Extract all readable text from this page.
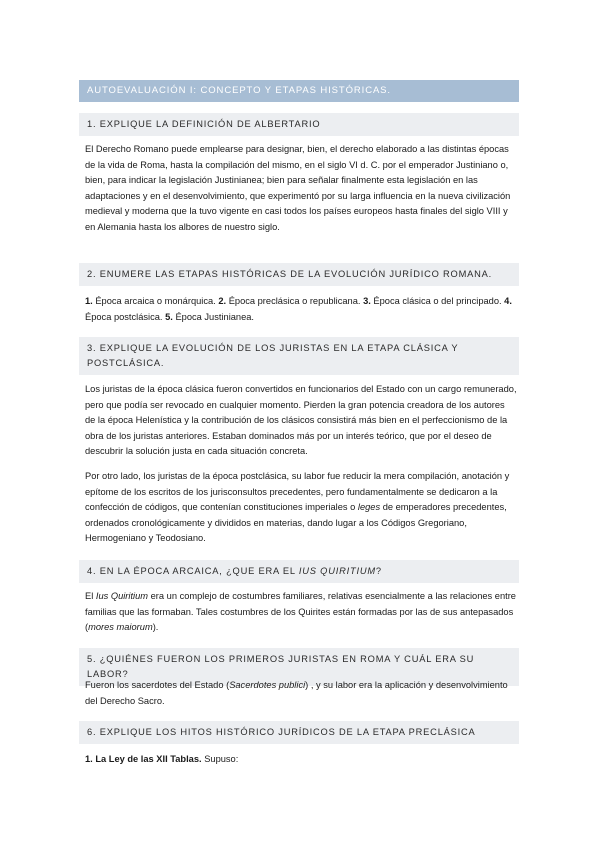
AUTOEVALUACIÓN I: CONCEPTO Y ETAPAS HISTÓRICAS.
1. EXPLIQUE LA DEFINICIÓN DE ALBERTARIO
El Derecho Romano puede emplearse para designar, bien, el derecho elaborado a las distintas épocas de la vida de Roma, hasta la compilación del mismo, en el siglo VI d. C. por el emperador Justiniano o, bien, para indicar la legislación Justinianea; bien para señalar finalmente esta legislación en las adaptaciones y en el desenvolvimiento, que experimentó por su larga influencia en la nueva civilización medieval y moderna que la tuvo vigente en casi todos los países europeos hasta finales del siglo VIII y en Alemania hasta los albores de nuestro siglo.
2. ENUMERE LAS ETAPAS HISTÓRICAS DE LA EVOLUCIÓN JURÍDICO ROMANA.
1. Época arcaica o monárquica. 2. Época preclásica o republicana. 3. Época clásica o del principado. 4. Época postclásica. 5. Época Justinianea.
3. EXPLIQUE LA EVOLUCIÓN DE LOS JURISTAS EN LA ETAPA CLÁSICA Y POSTCLÁSICA.
Los juristas de la época clásica fueron convertidos en funcionarios del Estado con un cargo remunerado, pero que podía ser revocado en cualquier momento. Pierden la gran potencia creadora de los autores de la época Helenística y la contribución de los clásicos consistirá más bien en el perfeccionismo de la obra de los juristas anteriores. Estaban dominados más por un interés teórico, que por el deseo de descubrir la solución justa en cada situación concreta.
Por otro lado, los juristas de la época postclásica, su labor fue reducir la mera compilación, anotación y epítome de los escritos de los jurisconsultos precedentes, pero fundamentalmente se dedicaron a la confección de códigos, que contenían constituciones imperiales o leges de emperadores precedentes, ordenados cronológicamente y divididos en materias, dando lugar a los Códigos Gregoriano, Hermogeniano y Teodosiano.
4. EN LA ÉPOCA ARCAICA, ¿QUE ERA EL IUS QUIRITIUM?
El Ius Quiritium era un complejo de costumbres familiares, relativas esencialmente a las relaciones entre familias que las formaban. Tales costumbres de los Quirites están formadas por las de sus antepasados (mores maiorum).
5. ¿QUIÉNES FUERON LOS PRIMEROS JURISTAS EN ROMA Y CUÁL ERA SU LABOR?
Fueron los sacerdotes del Estado (Sacerdotes publici) , y su labor era la aplicación y desenvolvimiento del Derecho Sacro.
6. EXPLIQUE LOS HITOS HISTÓRICO JURÍDICOS DE LA ETAPA PRECLÁSICA
1. La Ley de las XII Tablas. Supuso:
